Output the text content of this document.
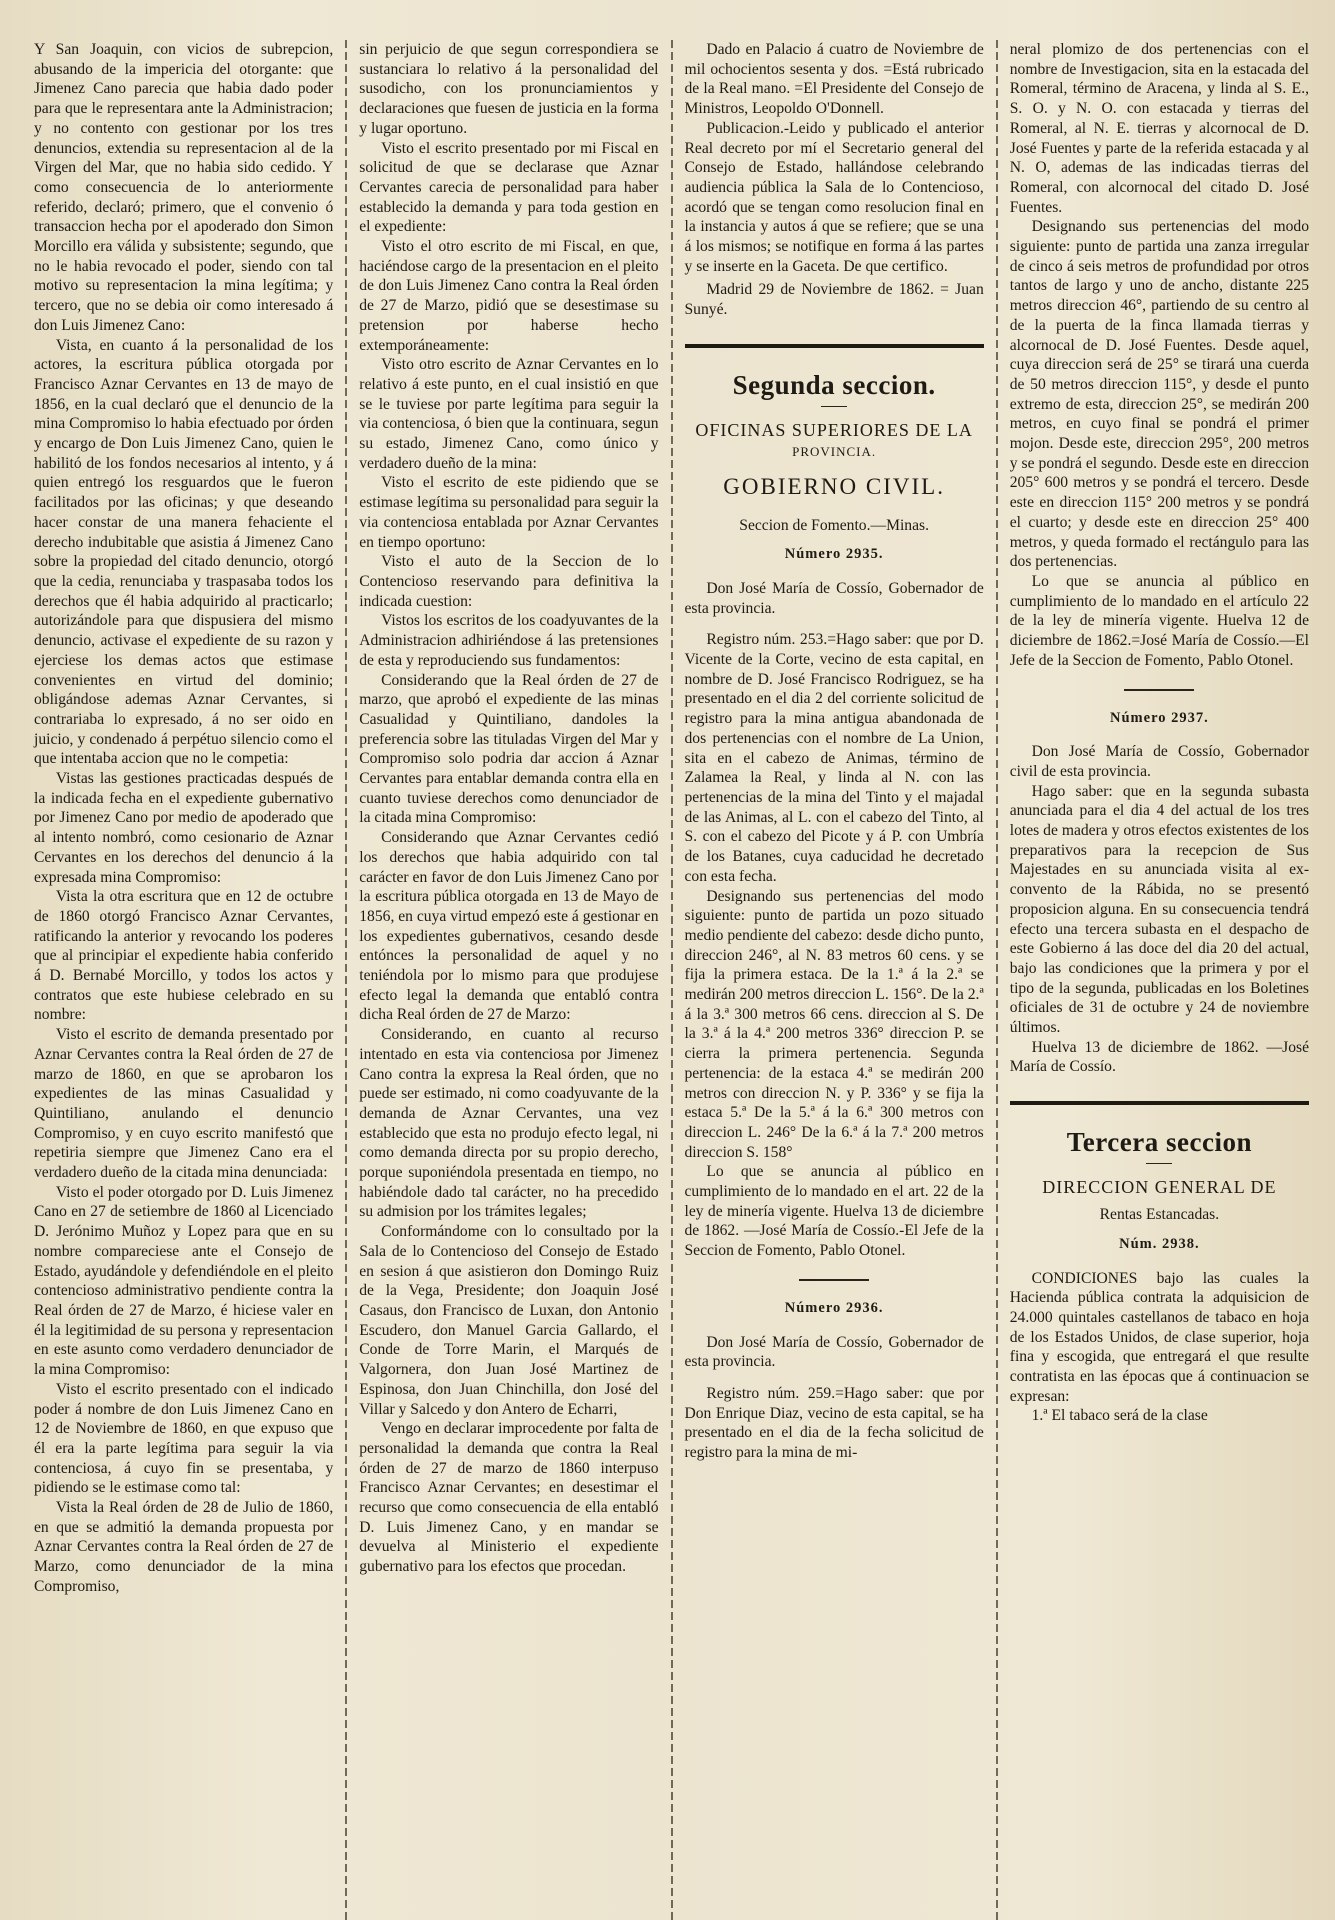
Y San Joaquin, con vicios de subrepcion, abusando de la impericia del otorgante: que Jimenez Cano parecia que habia dado poder para que le representara ante la Administracion; y no contento con gestionar por los tres denuncios, extendia su representacion al de la Virgen del Mar, que no habia sido cedido. Y como consecuencia de lo anteriormente referido, declaró; primero, que el convenio ó transaccion hecha por el apoderado don Simon Morcillo era válida y subsistente; segundo, que no le habia revocado el poder, siendo con tal motivo su representacion la mina legítima; y tercero, que no se debia oir como interesado á don Luis Jimenez Cano:

Vista, en cuanto á la personalidad de los actores, la escritura pública otorgada por Francisco Aznar Cervantes en 13 de mayo de 1856, en la cual declaró que el denuncio de la mina Compromiso lo habia efectuado por órden y encargo de Don Luis Jimenez Cano, quien le habilitó de los fondos necesarios al intento, y á quien entregó los resguardos que le fueron facilitados por las oficinas; y que deseando hacer constar de una manera fehaciente el derecho indubitable que asistia á Jimenez Cano sobre la propiedad del citado denuncio, otorgó que la cedia, renunciaba y traspasaba todos los derechos que él habia adquirido al practicarlo; autorizándole para que dispusiera del mismo denuncio, activase el expediente de su razon y ejerciese los demas actos que estimase convenientes en virtud del dominio; obligándose ademas Aznar Cervantes, si contrariaba lo expresado, á no ser oido en juicio, y condenado á perpétuo silencio como el que intentaba accion que no le competia:

Vistas las gestiones practicadas después de la indicada fecha en el expediente gubernativo por Jimenez Cano por medio de apoderado que al intento nombró, como cesionario de Aznar Cervantes en los derechos del denuncio á la expresada mina Compromiso:

Vista la otra escritura que en 12 de octubre de 1860 otorgó Francisco Aznar Cervantes, ratificando la anterior y revocando los poderes que al principiar el expediente habia conferido á D. Bernabé Morcillo, y todos los actos y contratos que este hubiese celebrado en su nombre:

Visto el escrito de demanda presentado por Aznar Cervantes contra la Real órden de 27 de marzo de 1860, en que se aprobaron los expedientes de las minas Casualidad y Quintiliano, anulando el denuncio Compromiso, y en cuyo escrito manifestó que repetiria siempre que Jimenez Cano era el verdadero dueño de la citada mina denunciada:

Visto el poder otorgado por D. Luis Jimenez Cano en 27 de setiembre de 1860 al Licenciado D. Jerónimo Muñoz y Lopez para que en su nombre compareciese ante el Consejo de Estado, ayudándole y defendiéndole en el pleito contencioso administrativo pendiente contra la Real órden de 27 de Marzo, é hiciese valer en él la legitimidad de su persona y representacion en este asunto como verdadero denunciador de la mina Compromiso:

Visto el escrito presentado con el indicado poder á nombre de don Luis Jimenez Cano en 12 de Noviembre de 1860, en que expuso que él era la parte legítima para seguir la via contenciosa, á cuyo fin se presentaba, y pidiendo se le estimase como tal:

Vista la Real órden de 28 de Julio de 1860, en que se admitió la demanda propuesta por Aznar Cervantes contra la Real órden de 27 de Marzo, como denunciador de la mina Compromiso,

sin perjuicio de que segun correspondiera se sustanciara lo relativo á la personalidad del susodicho, con los pronunciamientos y declaraciones que fuesen de justicia en la forma y lugar oportuno.

Visto el escrito presentado por mi Fiscal en solicitud de que se declarase que Aznar Cervantes carecia de personalidad para haber establecido la demanda y para toda gestion en el expediente:

Visto el otro escrito de mi Fiscal, en que, haciéndose cargo de la presentacion en el pleito de don Luis Jimenez Cano contra la Real órden de 27 de Marzo, pidió que se desestimase su pretension por haberse hecho extemporáneamente:

Visto otro escrito de Aznar Cervantes en lo relativo á este punto, en el cual insistió en que se le tuviese por parte legítima para seguir la via contenciosa, ó bien que la continuara, segun su estado, Jimenez Cano, como único y verdadero dueño de la mina:

Visto el escrito de este pidiendo que se estimase legítima su personalidad para seguir la via contenciosa entablada por Aznar Cervantes en tiempo oportuno:

Visto el auto de la Seccion de lo Contencioso reservando para definitiva la indicada cuestion:

Vistos los escritos de los coadyuvantes de la Administracion adhiriéndose á las pretensiones de esta y reproduciendo sus fundamentos:

Considerando que la Real órden de 27 de marzo, que aprobó el expediente de las minas Casualidad y Quintiliano, dandoles la preferencia sobre las tituladas Virgen del Mar y Compromiso solo podria dar accion á Aznar Cervantes para entablar demanda contra ella en cuanto tuviese derechos como denunciador de la citada mina Compromiso:

Considerando que Aznar Cervantes cedió los derechos que habia adquirido con tal carácter en favor de don Luis Jimenez Cano por la escritura pública otorgada en 13 de Mayo de 1856, en cuya virtud empezó este á gestionar en los expedientes gubernativos, cesando desde entónces la personalidad de aquel y no teniéndola por lo mismo para que produjese efecto legal la demanda que entabló contra dicha Real órden de 27 de Marzo:

Considerando, en cuanto al recurso intentado en esta via contenciosa por Jimenez Cano contra la expresa la Real órden, que no puede ser estimado, ni como coadyuvante de la demanda de Aznar Cervantes, una vez establecido que esta no produjo efecto legal, ni como demanda directa por su propio derecho, porque suponiéndola presentada en tiempo, no habiéndole dado tal carácter, no ha precedido su admision por los trámites legales;

Conformándome con lo consultado por la Sala de lo Contencioso del Consejo de Estado en sesion á que asistieron don Domingo Ruiz de la Vega, Presidente; don Joaquin José Casaus, don Francisco de Luxan, don Antonio Escudero, don Manuel Garcia Gallardo, el Conde de Torre Marin, el Marqués de Valgornera, don Juan José Martinez de Espinosa, don Juan Chinchilla, don José del Villar y Salcedo y don Antero de Echarri,

Vengo en declarar improcedente por falta de personalidad la demanda que contra la Real órden de 27 de marzo de 1860 interpuso Francisco Aznar Cervantes; en desestimar el recurso que como consecuencia de ella entabló D. Luis Jimenez Cano, y en mandar se devuelva al Ministerio el expediente gubernativo para los efectos que procedan.

Dado en Palacio á cuatro de Noviembre de mil ochocientos sesenta y dos. =Está rubricado de la Real mano. =El Presidente del Consejo de Ministros, Leopoldo O'Donnell.

Publicacion.-Leido y publicado el anterior Real decreto por mí el Secretario general del Consejo de Estado, hallándose celebrando audiencia pública la Sala de lo Contencioso, acordó que se tengan como resolucion final en la instancia y autos á que se refiere; que se una á los mismos; se notifique en forma á las partes y se inserte en la Gaceta. De que certifico.

Madrid 29 de Noviembre de 1862. = Juan Sunyé.

Segunda seccion.
OFICINAS SUPERIORES DE LA
PROVINCIA.
GOBIERNO CIVIL.
Seccion de Fomento.—Minas.
Número 2935.

Don José María de Cossío, Gobernador de esta provincia.

Registro núm. 253.=Hago saber: que por D. Vicente de la Corte, vecino de esta capital, en nombre de D. José Francisco Rodriguez, se ha presentado en el dia 2 del corriente solicitud de registro para la mina antigua abandonada de dos pertenencias con el nombre de La Union, sita en el cabezo de Animas, término de Zalamea la Real, y linda al N. con las pertenencias de la mina del Tinto y el majadal de las Animas, al L. con el cabezo del Tinto, al S. con el cabezo del Picote y á P. con Umbría de los Batanes, cuya caducidad he decretado con esta fecha.

Designando sus pertenencias del modo siguiente: punto de partida un pozo situado medio pendiente del cabezo: desde dicho punto, direccion 246°, al N. 83 metros 60 cens. y se fija la primera estaca. De la 1.ª á la 2.ª se medirán 200 metros direccion L. 156°. De la 2.ª á la 3.ª 300 metros 66 cens. direccion al S. De la 3.ª á la 4.ª 200 metros 336° direccion P. se cierra la primera pertenencia. Segunda pertenencia: de la estaca 4.ª se medirán 200 metros con direccion N. y P. 336° y se fija la estaca 5.ª De la 5.ª á la 6.ª 300 metros con direccion L. 246° De la 6.ª á la 7.ª 200 metros direccion S. 158°

Lo que se anuncia al público en cumplimiento de lo mandado en el art. 22 de la ley de minería vigente. Huelva 13 de diciembre de 1862. —José María de Cossío.-El Jefe de la Seccion de Fomento, Pablo Otonel.

Número 2936.

Don José María de Cossío, Gobernador de esta provincia.

Registro núm. 259.=Hago saber: que por Don Enrique Diaz, vecino de esta capital, se ha presentado en el dia de la fecha solicitud de registro para la mina de mi-

neral plomizo de dos pertenencias con el nombre de Investigacion, sita en la estacada del Romeral, término de Aracena, y linda al S. E., S. O. y N. O. con estacada y tierras del Romeral, al N. E. tierras y alcornocal de D. José Fuentes y parte de la referida estacada y al N. O, ademas de las indicadas tierras del Romeral, con alcornocal del citado D. José Fuentes.

Designando sus pertenencias del modo siguiente: punto de partida una zanza irregular de cinco á seis metros de profundidad por otros tantos de largo y uno de ancho, distante 225 metros direccion 46°, partiendo de su centro al de la puerta de la finca llamada tierras y alcornocal de D. José Fuentes. Desde aquel, cuya direccion será de 25° se tirará una cuerda de 50 metros direccion 115°, y desde el punto extremo de esta, direccion 25°, se medirán 200 metros, en cuyo final se pondrá el primer mojon. Desde este, direccion 295°, 200 metros y se pondrá el segundo. Desde este en direccion 205° 600 metros y se pondrá el tercero. Desde este en direccion 115° 200 metros y se pondrá el cuarto; y desde este en direccion 25° 400 metros, y queda formado el rectángulo para las dos pertenencias.

Lo que se anuncia al público en cumplimiento de lo mandado en el artículo 22 de la ley de minería vigente. Huelva 12 de diciembre de 1862.=José María de Cossío.—El Jefe de la Seccion de Fomento, Pablo Otonel.

Número 2937.

Don José María de Cossío, Gobernador civil de esta provincia.

Hago saber: que en la segunda subasta anunciada para el dia 4 del actual de los tres lotes de madera y otros efectos existentes de los preparativos para la recepcion de Sus Majestades en su anunciada visita al ex-convento de la Rábida, no se presentó proposicion alguna. En su consecuencia tendrá efecto una tercera subasta en el despacho de este Gobierno á las doce del dia 20 del actual, bajo las condiciones que la primera y por el tipo de la segunda, publicadas en los Boletines oficiales de 31 de octubre y 24 de noviembre últimos.

Huelva 13 de diciembre de 1862. —José María de Cossío.

Tercera seccion
DIRECCION GENERAL DE
Rentas Estancadas.
Núm. 2938.

CONDICIONES bajo las cuales la Hacienda pública contrata la adquisicion de 24.000 quintales castellanos de tabaco en hoja de los Estados Unidos, de clase superior, hoja fina y escogida, que entregará el que resulte contratista en las épocas que á continuacion se expresan:

1.ª El tabaco será de la clase
